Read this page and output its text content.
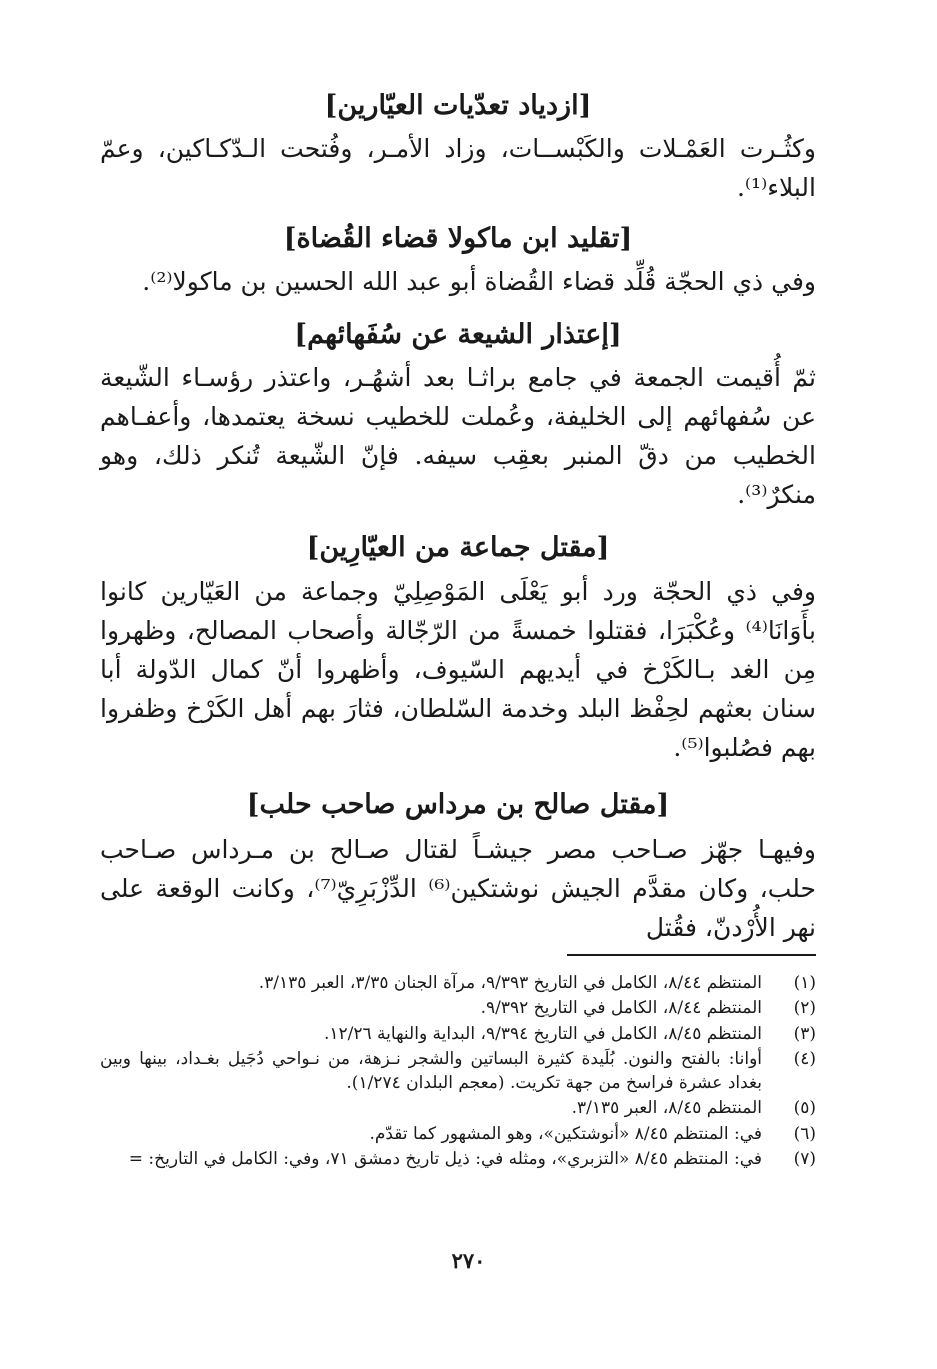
[ازدياد تعدّيات العيّارين]

وكثُـرت العَمْـلات والكَبْســات، وزاد الأمـر، وفُتحت الـدّكـاكين، وعمّ البلاء⁽¹⁾.

[تقليد ابن ماكولا قضاء القُضاة]

وفي ذي الحجّة قُلِّد قضاء القُضاة أبو عبد الله الحسين بن ماكولا⁽²⁾.

[إعتذار الشيعة عن سُفَهائهم]

ثمّ أُقيمت الجمعة في جامع براثـا بعد أشهُـر، واعتذر رؤسـاء الشّيعة عن سُفهائهم إلى الخليفة، وعُملت للخطيب نسخة يعتمدها، وأعفـاهم الخطيب من دقّ المنبر بعقِب سيفه. فإنّ الشّيعة تُنكر ذلك، وهو منكرٌ⁽³⁾.

[مقتل جماعة من العيّارِين]

وفي ذي الحجّة ورد أبو يَعْلَى المَوْصِلِيّ وجماعة من العَيّارين كانوا بأَوَانَا⁽⁴⁾ وعُكْبَرَا، فقتلوا خمسةً من الرّجّالة وأصحاب المصالح، وظهروا مِن الغد بـالكَرْخ في أيديهم السّيوف، وأظهروا أنّ كمال الدّولة أبا سنان بعثهم لحِفْظ البلد وخدمة السّلطان، فثارَ بهم أهل الكَرْخ وظفروا بهم فصُلبوا⁽⁵⁾.

[مقتل صالح بن مرداس صاحب حلب]

وفيهـا جهّز صـاحب مصر جيشـاً لقتال صـالح بن مـرداس صـاحب حلب، وكان مقدَّم الجيش نوشتكين⁽⁶⁾ الدِّزْبَرِيّ⁽⁷⁾، وكانت الوقعة على نهر الأُرْدنّ، فقُتل

(١)
المنتظم ٨/٤٤، الكامل في التاريخ ٩/٣٩٣، مرآة الجنان ٣/٣٥، العبر ٣/١٣٥.
(٢)
المنتظم ٨/٤٤، الكامل في التاريخ ٩/٣٩٢.
(٣)
المنتظم ٨/٤٥، الكامل في التاريخ ٩/٣٩٤، البداية والنهاية ١٢/٢٦.
(٤)
أوانا: بالفتح والنون. بُلَيدة كثيرة البساتين والشجر نـزهة، من نـواحي دُجَيل بغـداد، بينها وبين بغداد عشرة فراسخ من جهة تكريت. (معجم البلدان ١/٢٧٤).
(٥)
المنتظم ٨/٤٥، العبر ٣/١٣٥.
(٦)
في: المنتظم ٨/٤٥ «أنوشتكين»، وهو المشهور كما تقدّم.
(٧)
في: المنتظم ٨/٤٥ «التزبري»، ومثله في: ذيل تاريخ دمشق ٧١، وفي: الكامل في التاريخ: =
٢٧٠
